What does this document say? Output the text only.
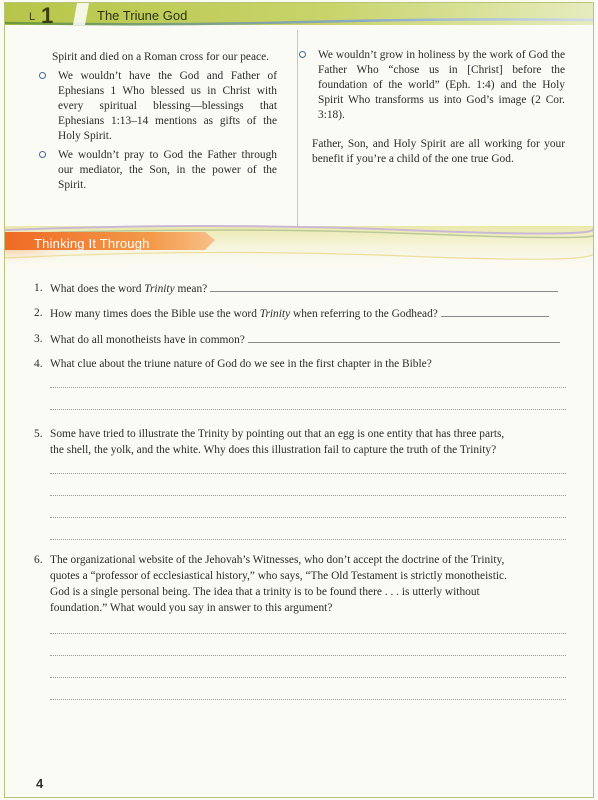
L 1	The Triune God

Spirit and died on a Roman cross for our peace.

We wouldn’t have the God and Father of Ephesians 1 Who blessed us in Christ with every spiritual blessing—blessings that Ephesians 1:13–14 mentions as gifts of the Holy Spirit.

We wouldn’t pray to God the Father through our mediator, the Son, in the power of the Spirit.

We wouldn’t grow in holiness by the work of God the Father Who “chose us in [Christ] before the foundation of the world” (Eph. 1:4) and the Holy Spirit Who transforms us into God’s image (2 Cor. 3:18).

Father, Son, and Holy Spirit are all working for your benefit if you’re a child of the one true God.

Thinking It Through
1. What does the word Trinity mean?
2. How many times does the Bible use the word Trinity when referring to the Godhead?
3. What do all monotheists have in common?
4. What clue about the triune nature of God do we see in the first chapter in the Bible?
5. Some have tried to illustrate the Trinity by pointing out that an egg is one entity that has three parts,
the shell, the yolk, and the white. Why does this illustration fail to capture the truth of the Trinity?
6. The organizational website of the Jehovah’s Witnesses, who don’t accept the doctrine of the Trinity,
quotes a “professor of ecclesiastical history,” who says, “The Old Testament is strictly monotheistic.
God is a single personal being. The idea that a trinity is to be found there . . . is utterly without
foundation.” What would you say in answer to this argument?
4
